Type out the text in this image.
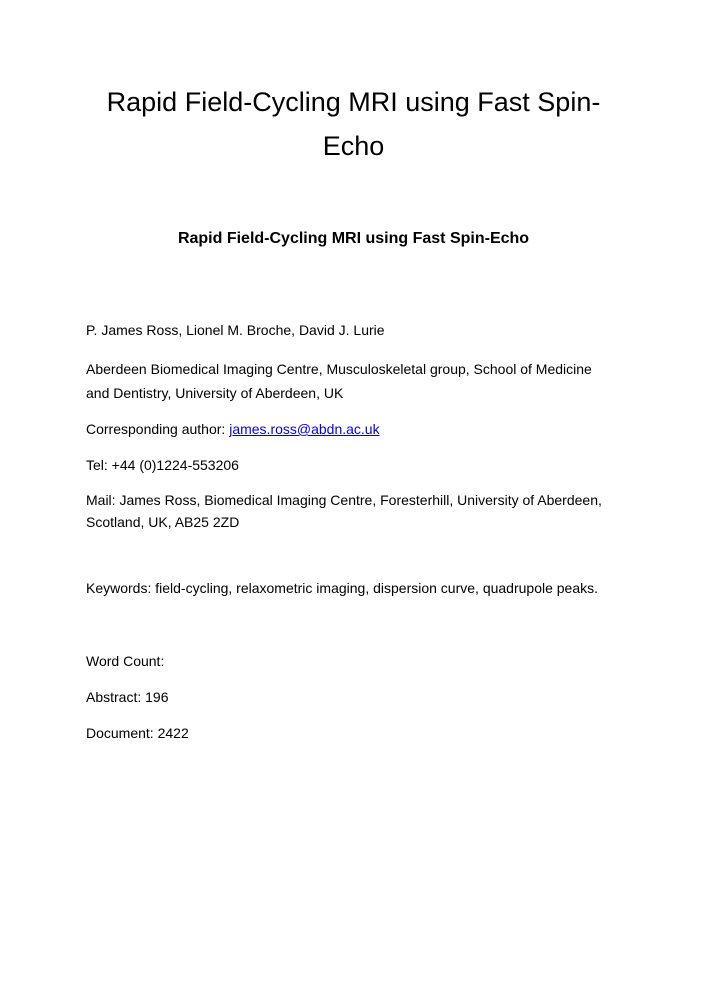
Rapid Field-Cycling MRI using Fast Spin-
Echo
Rapid Field-Cycling MRI using Fast Spin-Echo

P. James Ross, Lionel M. Broche, David J. Lurie

Aberdeen Biomedical Imaging Centre, Musculoskeletal group, School of Medicine
and Dentistry, University of Aberdeen, UK

Corresponding author: james.ross@abdn.ac.uk

Tel: +44 (0)1224-553206

Mail: James Ross, Biomedical Imaging Centre, Foresterhill, University of Aberdeen,
Scotland, UK, AB25 2ZD

Keywords: field-cycling, relaxometric imaging, dispersion curve, quadrupole peaks.

Word Count:

Abstract: 196

Document: 2422
